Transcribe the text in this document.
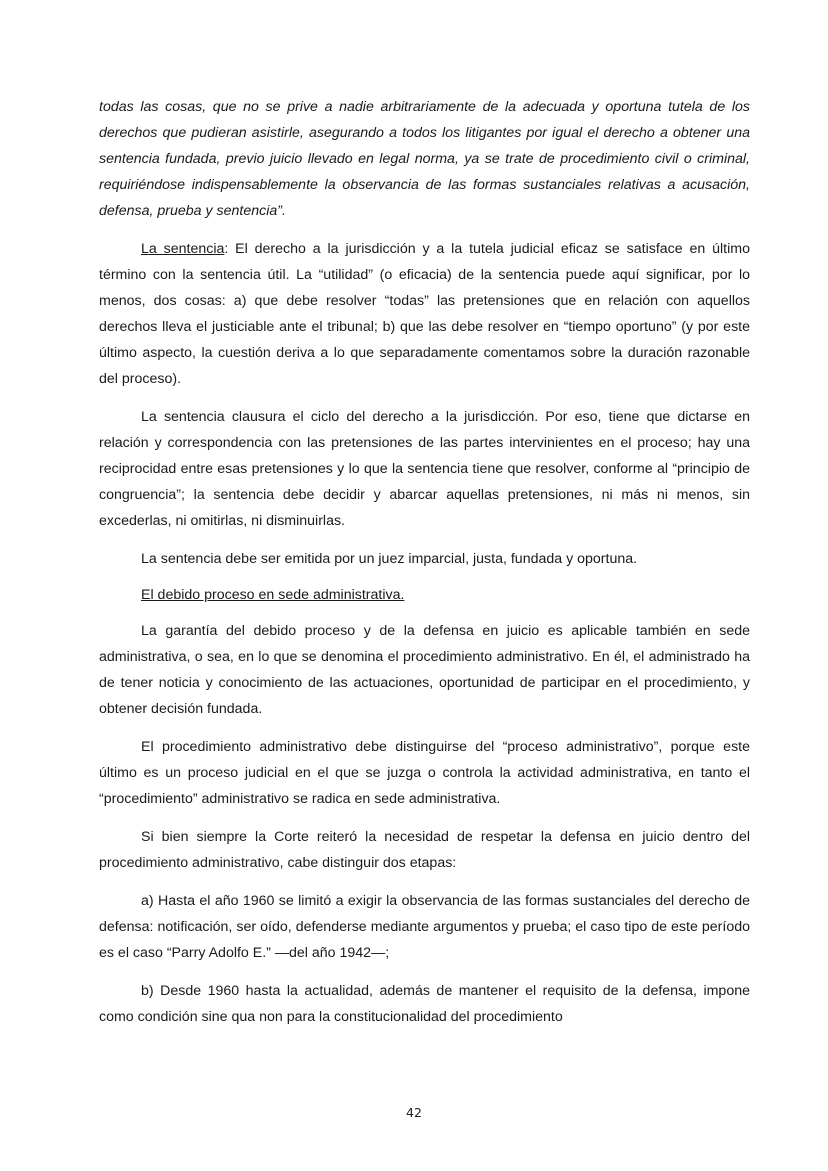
todas las cosas, que no se prive a nadie arbitrariamente de la adecuada y oportuna tutela de los derechos que pudieran asistirle, asegurando a todos los litigantes por igual el derecho a obtener una sentencia fundada, previo juicio llevado en legal norma, ya se trate de procedimiento civil o criminal, requiriéndose indispensablemente la observancia de las formas sustanciales relativas a acusación, defensa, prueba y sentencia”.

La sentencia: El derecho a la jurisdicción y a la tutela judicial eficaz se satisface en último término con la sentencia útil. La “utilidad” (o eficacia) de la sentencia puede aquí significar, por lo menos, dos cosas: a) que debe resolver “todas” las pretensiones que en relación con aquellos derechos lleva el justiciable ante el tribunal; b) que las debe resolver en “tiempo oportuno” (y por este último aspecto, la cuestión deriva a lo que separadamente comentamos sobre la duración razonable del proceso).

La sentencia clausura el ciclo del derecho a la jurisdicción. Por eso, tiene que dictarse en relación y correspondencia con las pretensiones de las partes intervinientes en el proceso; hay una reciprocidad entre esas pretensiones y lo que la sentencia tiene que resolver, conforme al “principio de congruencia”; la sentencia debe decidir y abarcar aquellas pretensiones, ni más ni menos, sin excederlas, ni omitirlas, ni disminuirlas.

La sentencia debe ser emitida por un juez imparcial, justa, fundada y oportuna.

El debido proceso en sede administrativa.

La garantía del debido proceso y de la defensa en juicio es aplicable también en sede administrativa, o sea, en lo que se denomina el procedimiento administrativo. En él, el administrado ha de tener noticia y conocimiento de las actuaciones, oportunidad de participar en el procedimiento, y obtener decisión fundada.

El procedimiento administrativo debe distinguirse del “proceso administrativo”, porque este último es un proceso judicial en el que se juzga o controla la actividad administrativa, en tanto el “procedimiento” administrativo se radica en sede administrativa.

Si bien siempre la Corte reiteró la necesidad de respetar la defensa en juicio dentro del procedimiento administrativo, cabe distinguir dos etapas:

a) Hasta el año 1960 se limitó a exigir la observancia de las formas sustanciales del derecho de defensa: notificación, ser oído, defenderse mediante argumentos y prueba; el caso tipo de este período es el caso “Parry Adolfo E.” —del año 1942—;

b) Desde 1960 hasta la actualidad, además de mantener el requisito de la defensa, impone como condición sine qua non para la constitucionalidad del procedimiento

42
